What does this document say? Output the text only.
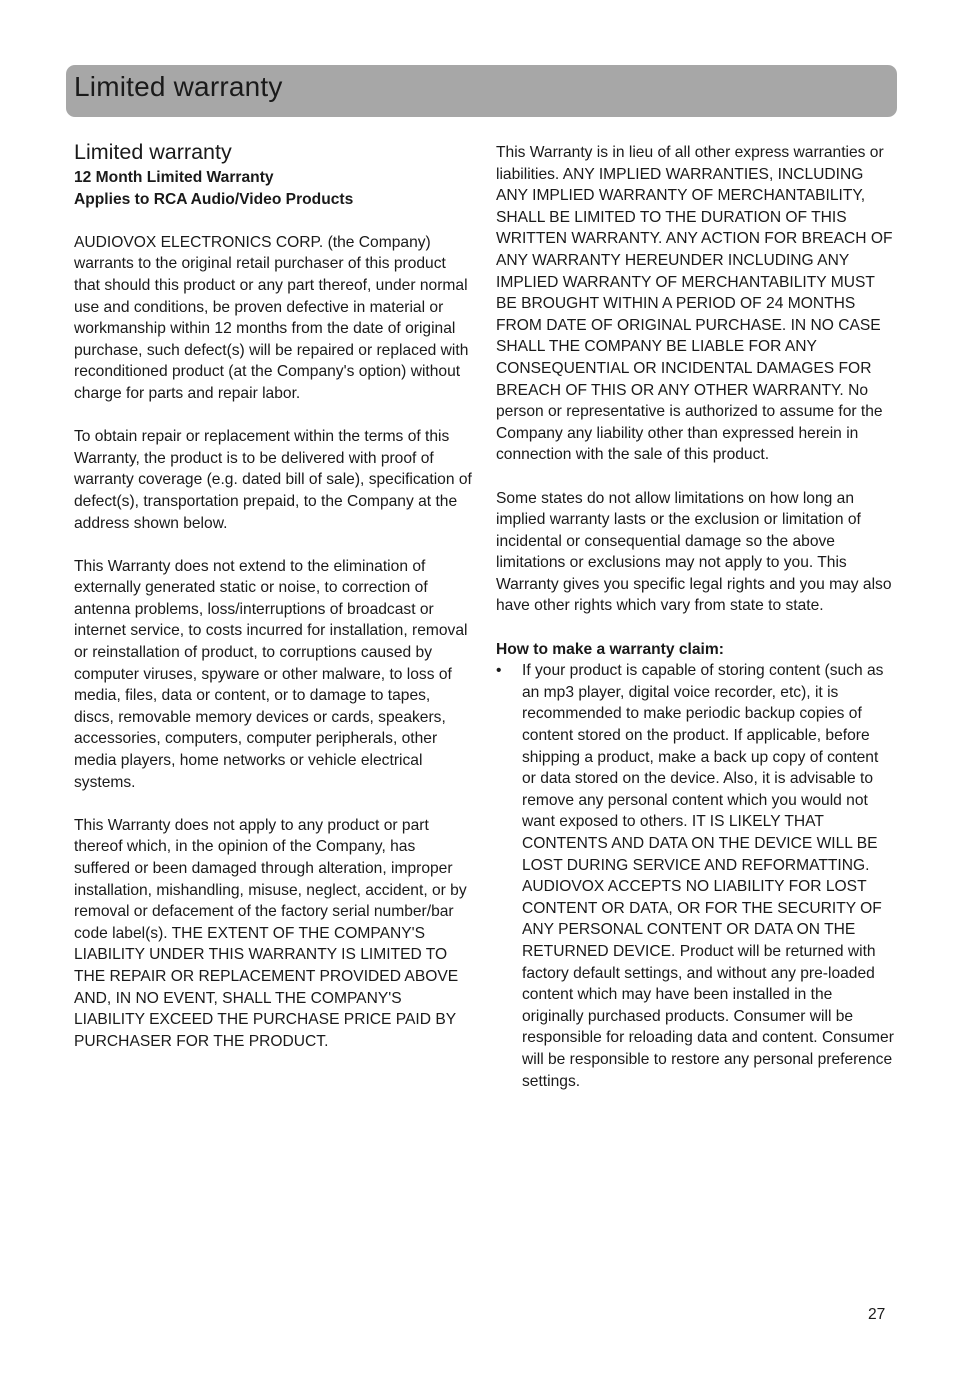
Limited warranty
Limited warranty
12 Month Limited Warranty
Applies to RCA Audio/Video Products

AUDIOVOX ELECTRONICS CORP. (the Company) warrants to the original retail purchaser of this product that should this product or any part thereof, under normal use and conditions, be proven defective in material or workmanship within 12 months from the date of original purchase, such defect(s) will be repaired or replaced with reconditioned product (at the Company's option) without charge for parts and repair labor.

To obtain repair or replacement within the terms of this Warranty, the product is to be delivered with proof of warranty coverage (e.g. dated bill of sale), specification of defect(s), transportation prepaid, to the Company at the address shown below.

This Warranty does not extend to the elimination of externally generated static or noise, to correction of antenna problems, loss/interruptions of broadcast or internet service, to costs incurred for installation, removal or reinstallation of product, to corruptions caused by computer viruses, spyware or other malware, to loss of media, files, data or content, or to damage to tapes, discs, removable memory devices or cards, speakers, accessories, computers, computer peripherals, other media players, home networks or vehicle electrical systems.

This Warranty does not apply to any product or part thereof which, in the opinion of the Company, has suffered or been damaged through alteration, improper installation, mishandling, misuse, neglect, accident, or by removal or defacement of the factory serial number/bar code label(s). THE EXTENT OF THE COMPANY'S LIABILITY UNDER THIS WARRANTY IS LIMITED TO THE REPAIR OR REPLACEMENT PROVIDED ABOVE AND, IN NO EVENT, SHALL THE COMPANY'S LIABILITY EXCEED THE PURCHASE PRICE PAID BY PURCHASER FOR THE PRODUCT.

This Warranty is in lieu of all other express warranties or liabilities. ANY IMPLIED WARRANTIES, INCLUDING ANY IMPLIED WARRANTY OF MERCHANTABILITY, SHALL BE LIMITED TO THE DURATION OF THIS WRITTEN WARRANTY. ANY ACTION FOR BREACH OF ANY WARRANTY HEREUNDER INCLUDING ANY IMPLIED WARRANTY OF MERCHANTABILITY MUST BE BROUGHT WITHIN A PERIOD OF 24 MONTHS FROM DATE OF ORIGINAL PURCHASE. IN NO CASE SHALL THE COMPANY BE LIABLE FOR ANY CONSEQUENTIAL OR INCIDENTAL DAMAGES FOR BREACH OF THIS OR ANY OTHER WARRANTY. No person or representative is authorized to assume for the Company any liability other than expressed herein in connection with the sale of this product.

Some states do not allow limitations on how long an implied warranty lasts or the exclusion or limitation of incidental or consequential damage so the above limitations or exclusions may not apply to you. This Warranty gives you specific legal rights and you may also have other rights which vary from state to state.

How to make a warranty claim:
• If your product is capable of storing content (such as an mp3 player, digital voice recorder, etc), it is recommended to make periodic backup copies of content stored on the product. If applicable, before shipping a product, make a back up copy of content or data stored on the device. Also, it is advisable to remove any personal content which you would not want exposed to others. IT IS LIKELY THAT CONTENTS AND DATA ON THE DEVICE WILL BE LOST DURING SERVICE AND REFORMATTING. AUDIOVOX ACCEPTS NO LIABILITY FOR LOST CONTENT OR DATA, OR FOR THE SECURITY OF ANY PERSONAL CONTENT OR DATA ON THE RETURNED DEVICE. Product will be returned with factory default settings, and without any pre-loaded content which may have been installed in the originally purchased products. Consumer will be responsible for reloading data and content. Consumer will be responsible to restore any personal preference settings.
27
